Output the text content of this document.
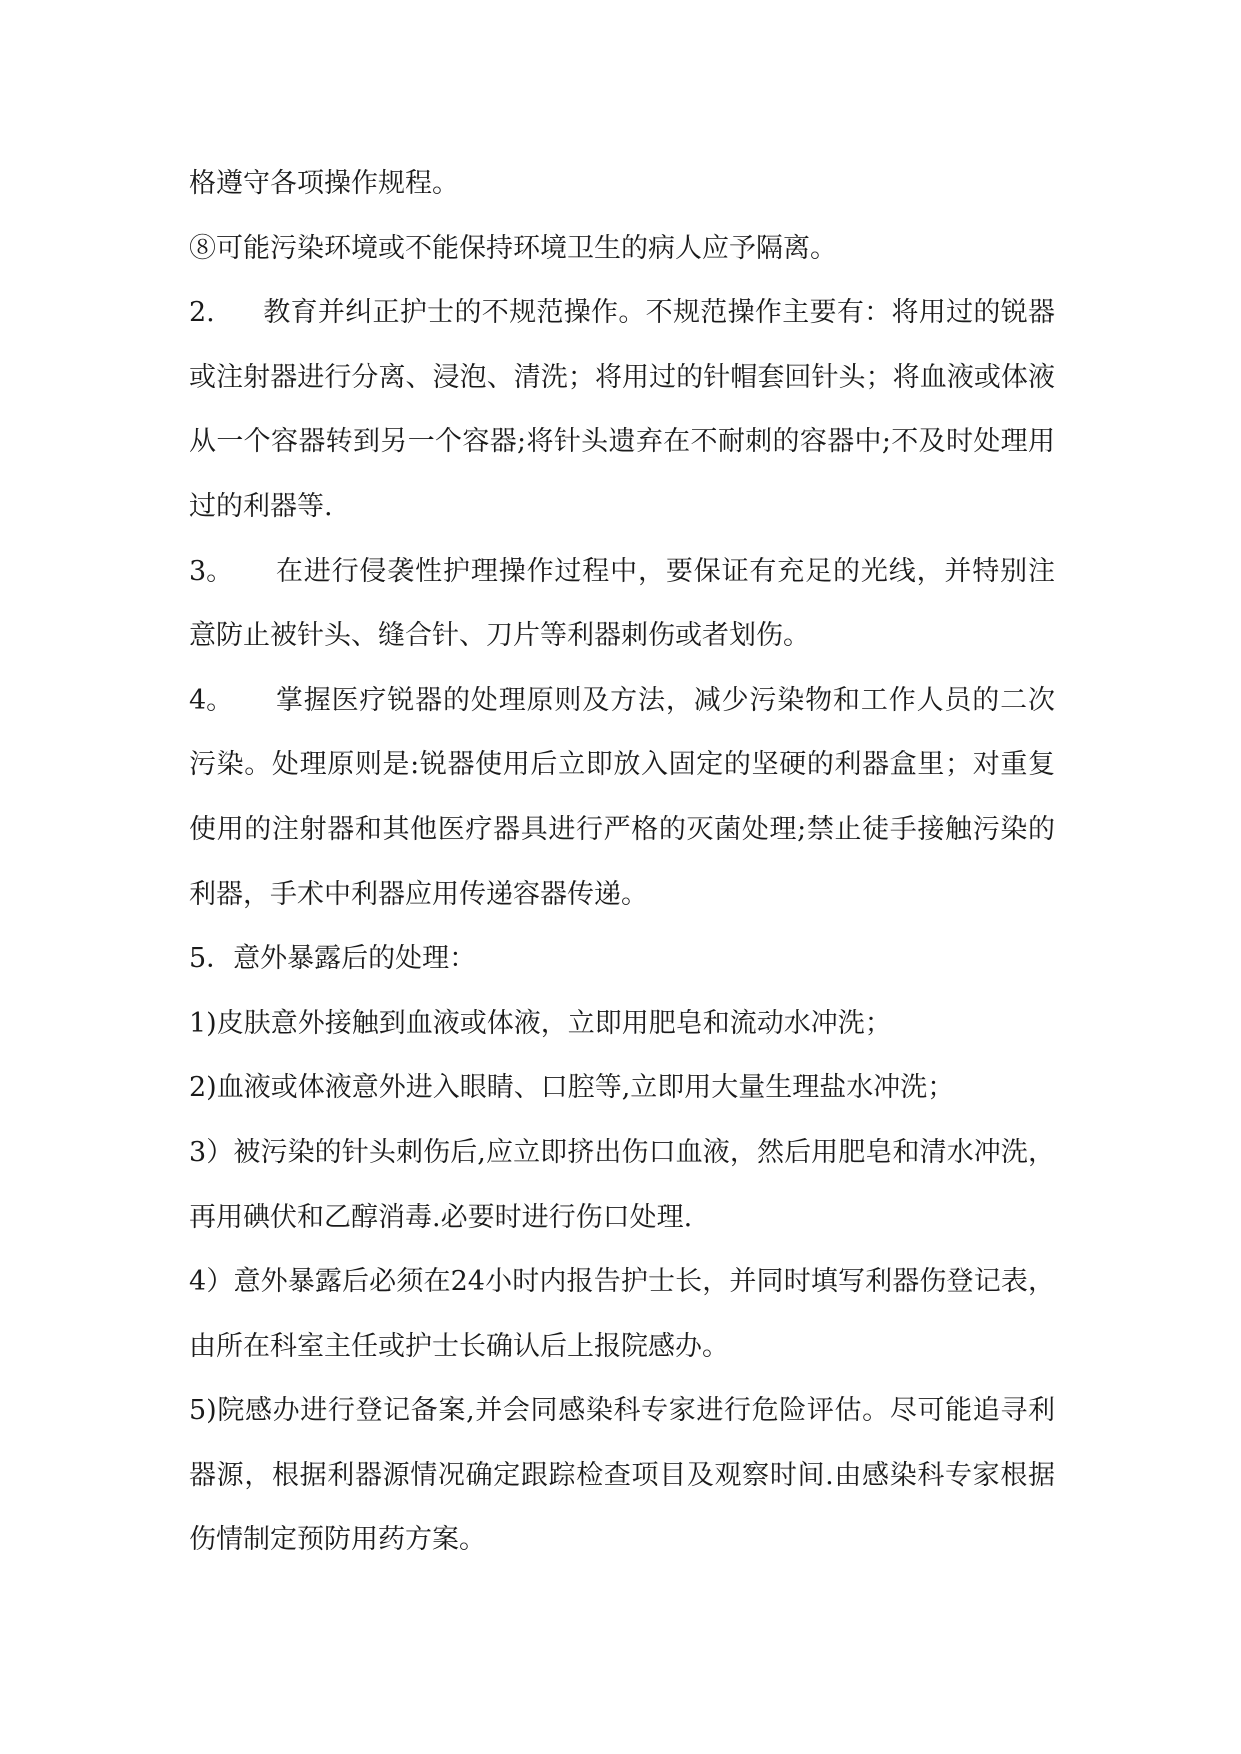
格遵守各项操作规程。

⑧可能污染环境或不能保持环境卫生的病人应予隔离。

2. 教育并纠正护士的不规范操作。不规范操作主要有：将用过的锐器或注射器进行分离、浸泡、清洗；将用过的针帽套回针头；将血液或体液从一个容器转到另一个容器;将针头遗弃在不耐刺的容器中;不及时处理用过的利器等.

3。 在进行侵袭性护理操作过程中，要保证有充足的光线，并特别注意防止被针头、缝合针、刀片等利器刺伤或者划伤。

4。 掌握医疗锐器的处理原则及方法，减少污染物和工作人员的二次污染。处理原则是:锐器使用后立即放入固定的坚硬的利器盒里；对重复使用的注射器和其他医疗器具进行严格的灭菌处理;禁止徒手接触污染的利器，手术中利器应用传递容器传递。

5．意外暴露后的处理：

1)皮肤意外接触到血液或体液，立即用肥皂和流动水冲洗；

2)血液或体液意外进入眼睛、口腔等,立即用大量生理盐水冲洗；

3）被污染的针头刺伤后,应立即挤出伤口血液，然后用肥皂和清水冲洗，再用碘伏和乙醇消毒.必要时进行伤口处理.

4）意外暴露后必须在24小时内报告护士长，并同时填写利器伤登记表，由所在科室主任或护士长确认后上报院感办。

5)院感办进行登记备案,并会同感染科专家进行危险评估。尽可能追寻利器源，根据利器源情况确定跟踪检查项目及观察时间.由感染科专家根据伤情制定预防用药方案。
